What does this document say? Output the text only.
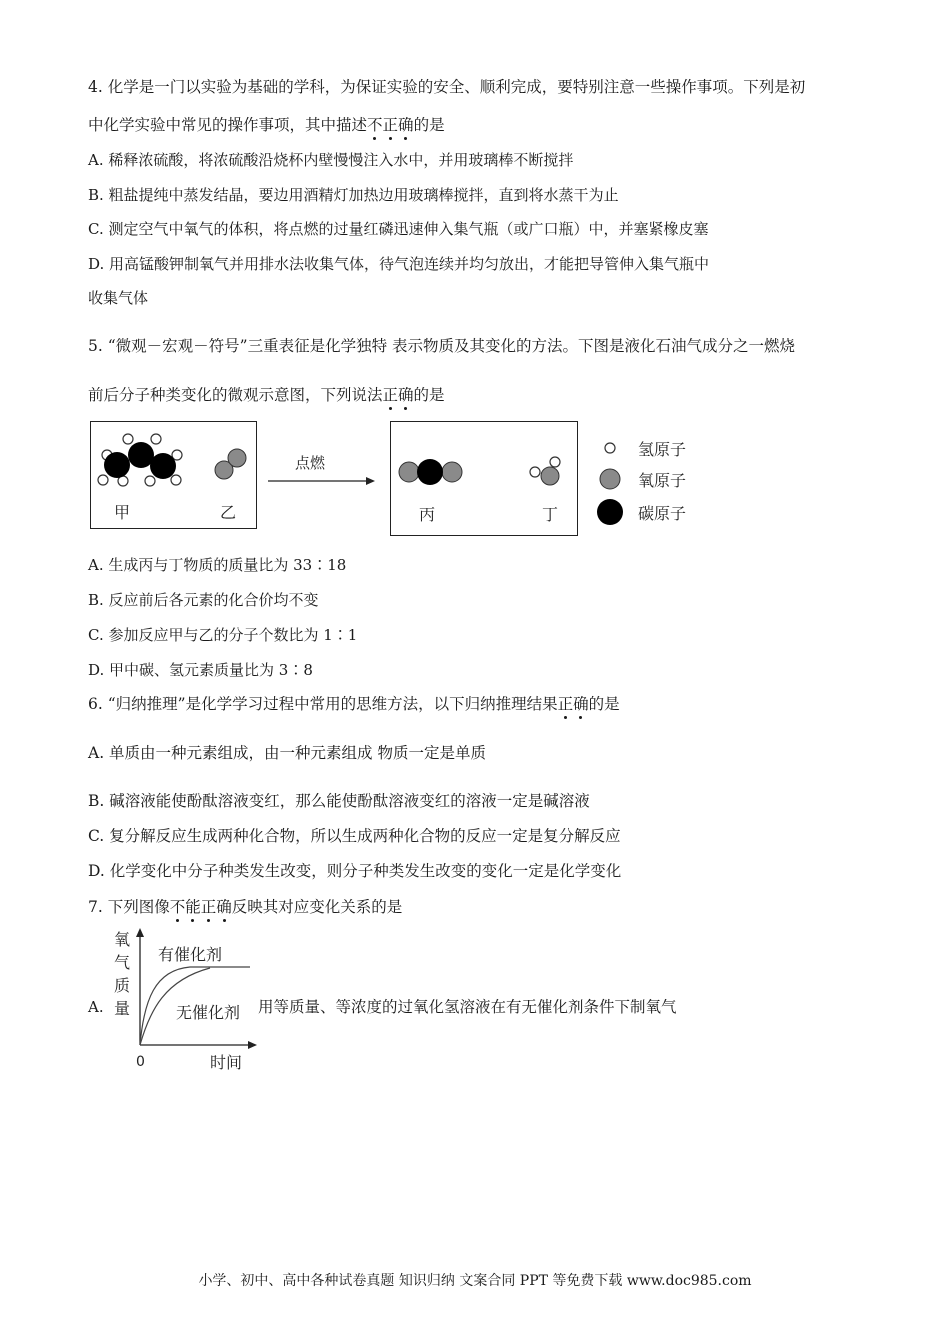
4. 化学是一门以实验为基础的学科，为保证实验的安全、顺利完成，要特别注意一些操作事项。下列是初
中化学实验中常见的操作事项，其中描述不正确的是
A. 稀释浓硫酸，将浓硫酸沿烧杯内壁慢慢注入水中，并用玻璃棒不断搅拌
B. 粗盐提纯中蒸发结晶，要边用酒精灯加热边用玻璃棒搅拌，直到将水蒸干为止
C. 测定空气中氧气的体积，将点燃的过量红磷迅速伸入集气瓶（或广口瓶）中，并塞紧橡皮塞
D. 用高锰酸钾制氧气并用排水法收集气体，待气泡连续并均匀放出，才能把导管伸入集气瓶中
收集气体
5. “微观－宏观－符号”三重表征是化学独特 表示物质及其变化的方法。下图是液化石油气成分之一燃烧
前后分子种类变化的微观示意图，下列说法正确的是
甲	乙
点燃
丙	丁
氢原子
氧原子
碳原子
A. 生成丙与丁物质的质量比为 33∶18
B. 反应前后各元素的化合价均不变
C. 参加反应甲与乙的分子个数比为 1∶1
D. 甲中碳、氢元素质量比为 3∶8
6. “归纳推理”是化学学习过程中常用的思维方法，以下归纳推理结果正确的是
A. 单质由一种元素组成，由一种元素组成 物质一定是单质
B. 碱溶液能使酚酞溶液变红，那么能使酚酞溶液变红的溶液一定是碱溶液
C. 复分解反应生成两种化合物，所以生成两种化合物的反应一定是复分解反应
D. 化学变化中分子种类发生改变，则分子种类发生改变的变化一定是化学变化
7. 下列图像不能正确反映其对应变化关系的是
A.
氧
气
质
量
0	时间
有催化剂
无催化剂 用等质量、等浓度的过氧化氢溶液在有无催化剂条件下制氧气
小学、初中、高中各种试卷真题 知识归纳 文案合同 PPT 等免费下载 www.doc985.com
